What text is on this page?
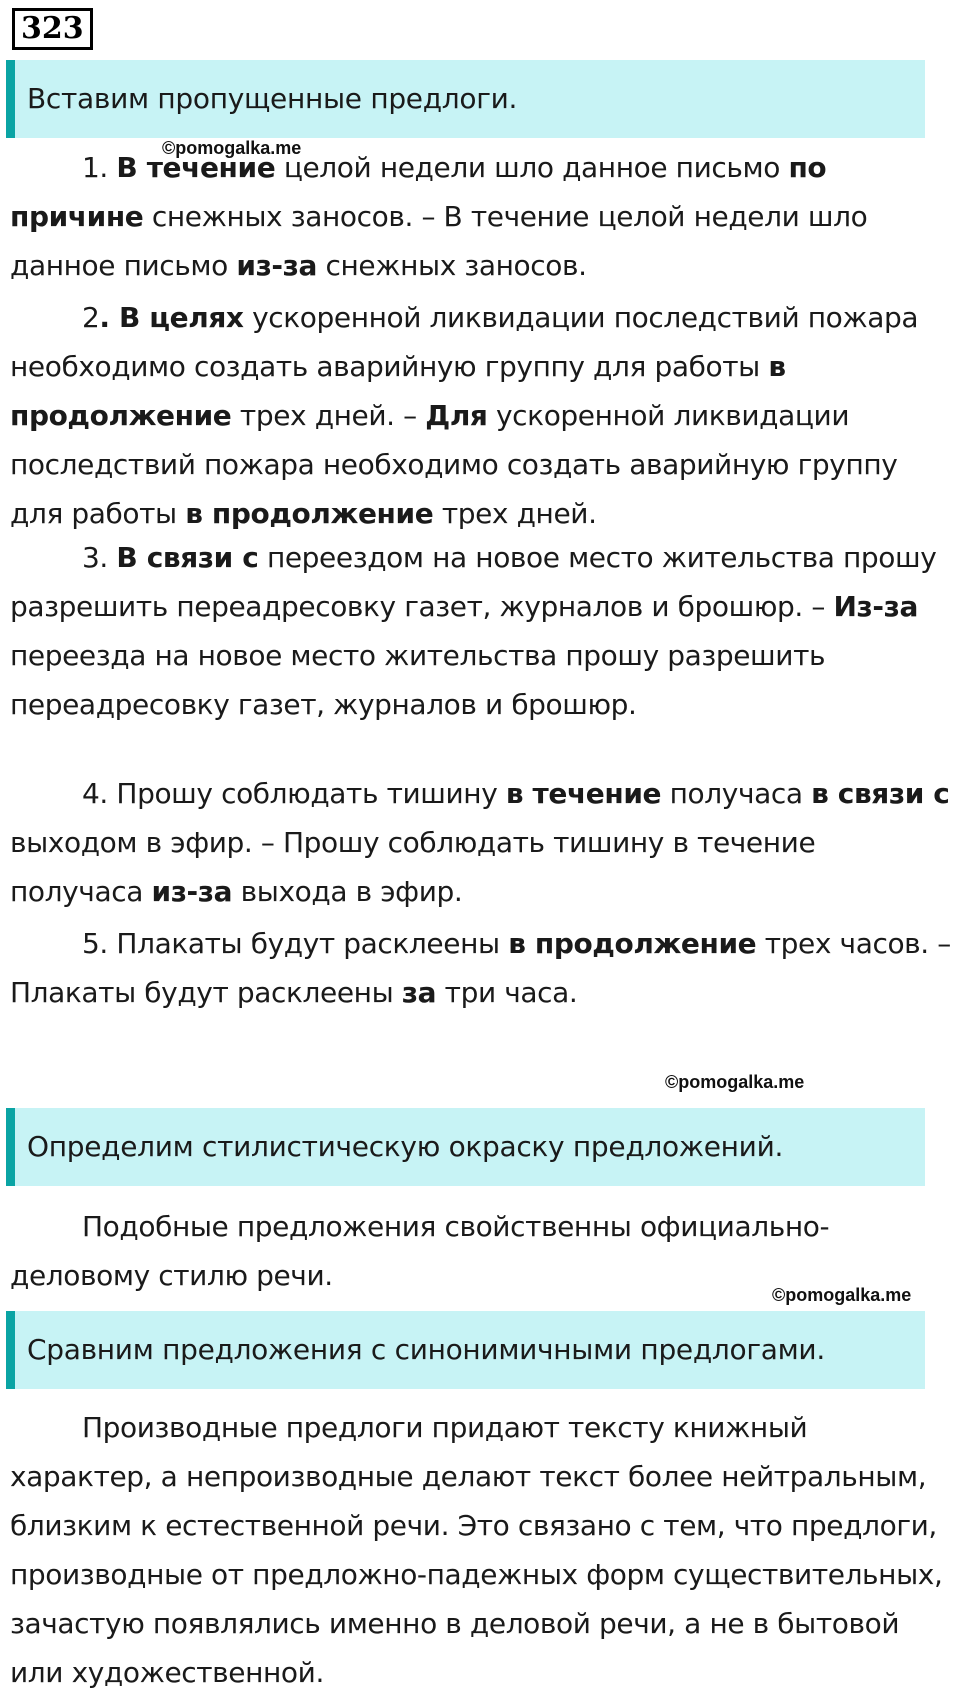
323
Вставим пропущенные предлоги.
©pomogalka.me

1. В течение целой недели шло данное письмо по причине снежных заносов. – В течение целой недели шло данное письмо из-за снежных заносов.

2. В целях ускоренной ликвидации последствий пожара необходимо создать аварийную группу для работы в продолжение трех дней. – Для ускоренной ликвидации последствий пожара необходимо создать аварийную группу для работы в продолжение трех дней.

3. В связи с переездом на новое место жительства прошу разрешить переадресовку газет, журналов и брошюр. – Из-за переезда на новое место жительства прошу разрешить переадресовку газет, журналов и брошюр.

4. Прошу соблюдать тишину в течение получаса в связи с выходом в эфир. – Прошу соблюдать тишину в течение получаса из-за выхода в эфир.

5. Плакаты будут расклеены в продолжение трех часов. – Плакаты будут расклеены за три часа.

©pomogalka.me
Определим стилистическую окраску предложений.

Подобные предложения свойственны официально-деловому стилю речи.

©pomogalka.me
Сравним предложения с синонимичными предлогами.

Производные предлоги придают тексту книжный характер, а непроизводные делают текст более нейтральным, близким к естественной речи. Это связано с тем, что предлоги, производные от предложно-падежных форм существительных, зачастую появлялись именно в деловой речи, а не в бытовой или художественной.
